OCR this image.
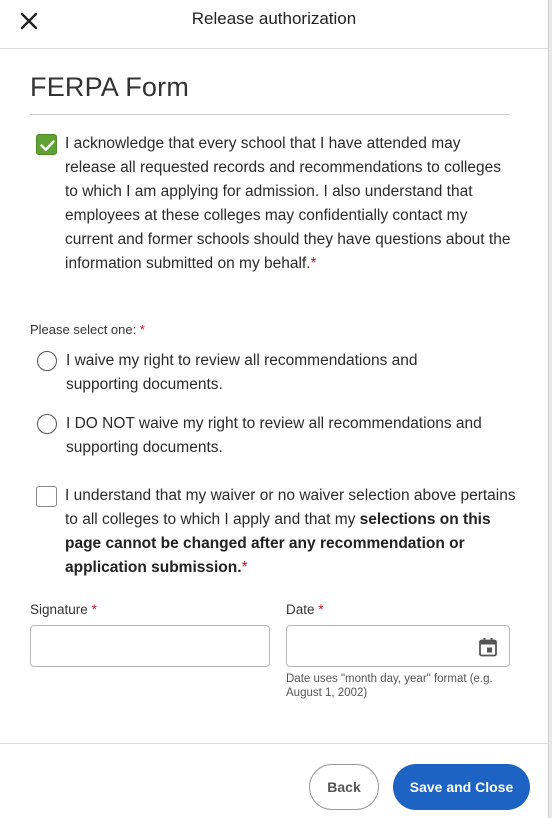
Release authorization
FERPA Form
I acknowledge that every school that I have attended may release all requested records and recommendations to colleges to which I am applying for admission. I also understand that employees at these colleges may confidentially contact my current and former schools should they have questions about the information submitted on my behalf.*
Please select one: *
I waive my right to review all recommendations and supporting documents.
I DO NOT waive my right to review all recommendations and supporting documents.
I understand that my waiver or no waiver selection above pertains to all colleges to which I apply and that my selections on this page cannot be changed after any recommendation or application submission.*
Signature *	Date *
Date uses "month day, year" format (e.g. August 1, 2002)
Back	Save and Close
